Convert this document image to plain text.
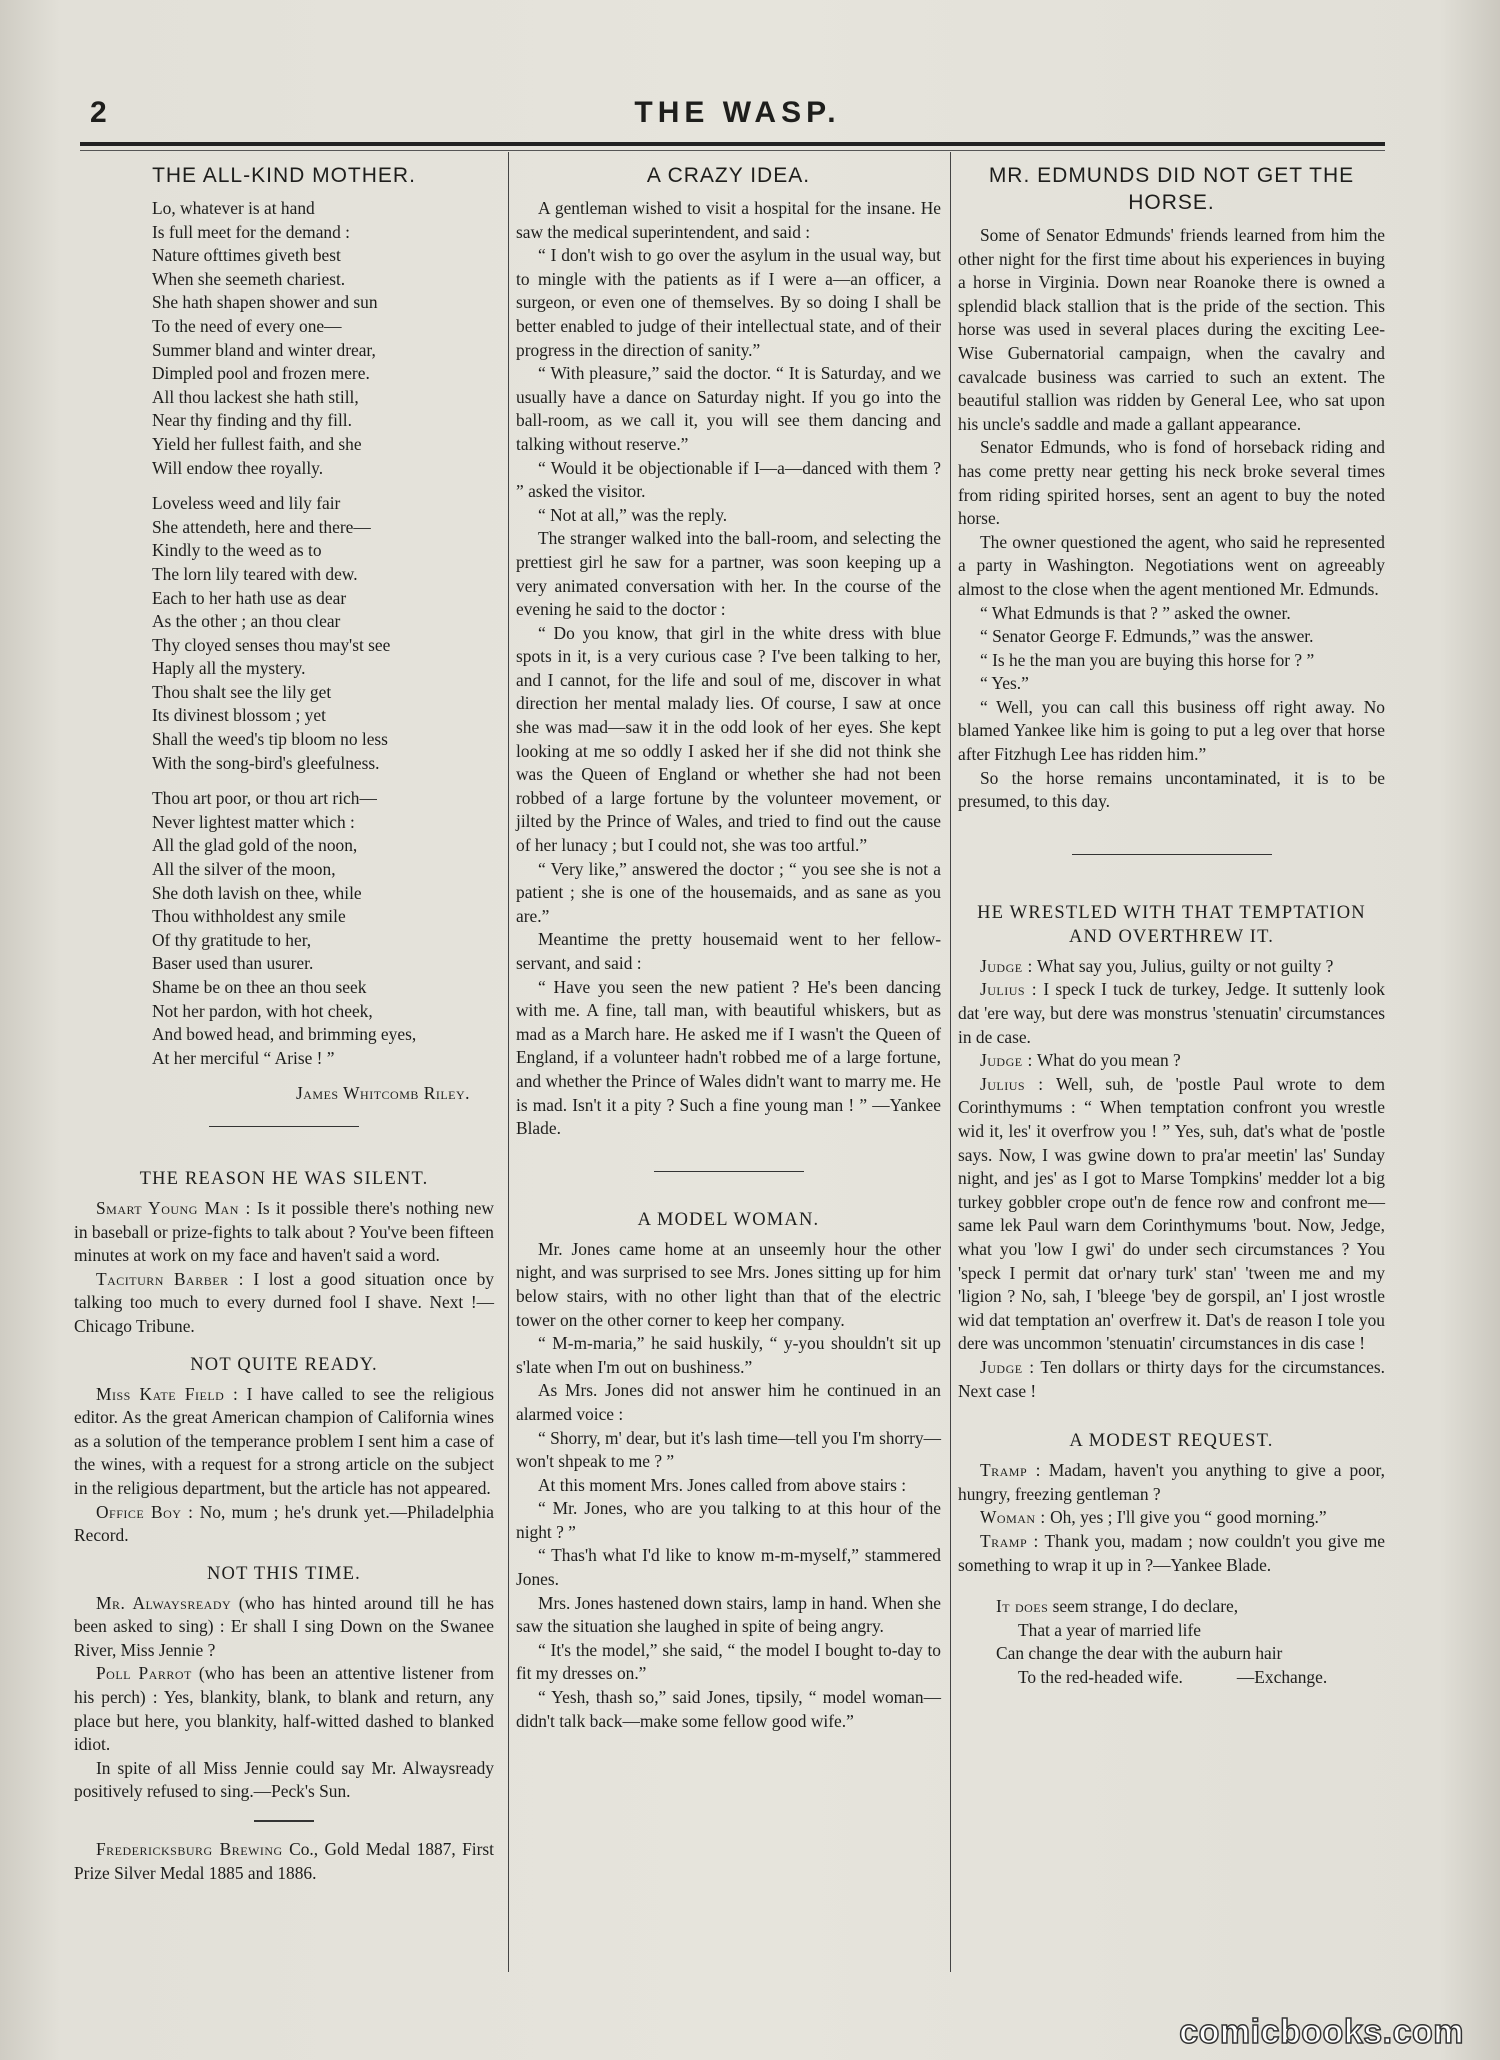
2	THE WASP.
THE ALL-KIND MOTHER.
Lo, whatever is at hand
Is full meet for the demand :
Nature ofttimes giveth best
When she seemeth chariest.
She hath shapen shower and sun
To the need of every one—
Summer bland and winter drear,
Dimpled pool and frozen mere.
All thou lackest she hath still,
Near thy finding and thy fill.
Yield her fullest faith, and she
Will endow thee royally.
Loveless weed and lily fair
She attendeth, here and there—
Kindly to the weed as to
The lorn lily teared with dew.
Each to her hath use as dear
As the other ; an thou clear
Thy cloyed senses thou may'st see
Haply all the mystery.
Thou shalt see the lily get
Its divinest blossom ; yet
Shall the weed's tip bloom no less
With the song-bird's gleefulness.
Thou art poor, or thou art rich—
Never lightest matter which :
All the glad gold of the noon,
All the silver of the moon,
She doth lavish on thee, while
Thou withholdest any smile
Of thy gratitude to her,
Baser used than usurer.
Shame be on thee an thou seek
Not her pardon, with hot cheek,
And bowed head, and brimming eyes,
At her merciful “ Arise ! ”
James Whitcomb Riley.
THE REASON HE WAS SILENT.

Smart Young Man : Is it possible there's nothing new in baseball or prize-fights to talk about ? You've been fifteen minutes at work on my face and haven't said a word.

Taciturn Barber : I lost a good situation once by talking too much to every durned fool I shave. Next !—Chicago Tribune.

NOT QUITE READY.

Miss Kate Field : I have called to see the religious editor. As the great American champion of California wines as a solution of the temperance problem I sent him a case of the wines, with a request for a strong article on the subject in the religious department, but the article has not appeared.

Office Boy : No, mum ; he's drunk yet.—Philadelphia Record.

NOT THIS TIME.

Mr. Alwaysready (who has hinted around till he has been asked to sing) : Er shall I sing Down on the Swanee River, Miss Jennie ?

Poll Parrot (who has been an attentive listener from his perch) : Yes, blankity, blank, to blank and return, any place but here, you blankity, half-witted dashed to blanked idiot.

In spite of all Miss Jennie could say Mr. Alwaysready positively refused to sing.—Peck's Sun.

Fredericksburg Brewing Co., Gold Medal 1887, First Prize Silver Medal 1885 and 1886.

A CRAZY IDEA.

A gentleman wished to visit a hospital for the insane. He saw the medical superintendent, and said :

“ I don't wish to go over the asylum in the usual way, but to mingle with the patients as if I were a—an officer, a surgeon, or even one of themselves. By so doing I shall be better enabled to judge of their intellectual state, and of their progress in the direction of sanity.”

“ With pleasure,” said the doctor. “ It is Saturday, and we usually have a dance on Saturday night. If you go into the ball-room, as we call it, you will see them dancing and talking without reserve.”

“ Would it be objectionable if I—a—danced with them ? ” asked the visitor.

“ Not at all,” was the reply.

The stranger walked into the ball-room, and selecting the prettiest girl he saw for a partner, was soon keeping up a very animated conversation with her. In the course of the evening he said to the doctor :

“ Do you know, that girl in the white dress with blue spots in it, is a very curious case ? I've been talking to her, and I cannot, for the life and soul of me, discover in what direction her mental malady lies. Of course, I saw at once she was mad—saw it in the odd look of her eyes. She kept looking at me so oddly I asked her if she did not think she was the Queen of England or whether she had not been robbed of a large fortune by the volunteer movement, or jilted by the Prince of Wales, and tried to find out the cause of her lunacy ; but I could not, she was too artful.”

“ Very like,” answered the doctor ; “ you see she is not a patient ; she is one of the housemaids, and as sane as you are.”

Meantime the pretty housemaid went to her fellow-servant, and said :

“ Have you seen the new patient ? He's been dancing with me. A fine, tall man, with beautiful whiskers, but as mad as a March hare. He asked me if I wasn't the Queen of England, if a volunteer hadn't robbed me of a large fortune, and whether the Prince of Wales didn't want to marry me. He is mad. Isn't it a pity ? Such a fine young man ! ” —Yankee Blade.

A MODEL WOMAN.

Mr. Jones came home at an unseemly hour the other night, and was surprised to see Mrs. Jones sitting up for him below stairs, with no other light than that of the electric tower on the other corner to keep her company.

“ M-m-maria,” he said huskily, “ y-you shouldn't sit up s'late when I'm out on bushiness.”

As Mrs. Jones did not answer him he continued in an alarmed voice :

“ Shorry, m' dear, but it's lash time—tell you I'm shorry—won't shpeak to me ? ”

At this moment Mrs. Jones called from above stairs :

“ Mr. Jones, who are you talking to at this hour of the night ? ”

“ Thas'h what I'd like to know m-m-myself,” stammered Jones.

Mrs. Jones hastened down stairs, lamp in hand. When she saw the situation she laughed in spite of being angry.

“ It's the model,” she said, “ the model I bought to-day to fit my dresses on.”

“ Yesh, thash so,” said Jones, tipsily, “ model woman—didn't talk back—make some fellow good wife.”

MR. EDMUNDS DID NOT GET THE HORSE.

Some of Senator Edmunds' friends learned from him the other night for the first time about his experiences in buying a horse in Virginia. Down near Roanoke there is owned a splendid black stallion that is the pride of the section. This horse was used in several places during the exciting Lee-Wise Gubernatorial campaign, when the cavalry and cavalcade business was carried to such an extent. The beautiful stallion was ridden by General Lee, who sat upon his uncle's saddle and made a gallant appearance.

Senator Edmunds, who is fond of horseback riding and has come pretty near getting his neck broke several times from riding spirited horses, sent an agent to buy the noted horse.

The owner questioned the agent, who said he represented a party in Washington. Negotiations went on agreeably almost to the close when the agent mentioned Mr. Edmunds.

“ What Edmunds is that ? ” asked the owner.

“ Senator George F. Edmunds,” was the answer.

“ Is he the man you are buying this horse for ? ”

“ Yes.”

“ Well, you can call this business off right away. No blamed Yankee like him is going to put a leg over that horse after Fitzhugh Lee has ridden him.”

So the horse remains uncontaminated, it is to be presumed, to this day.

HE WRESTLED WITH THAT TEMPTATION AND OVERTHREW IT.

Judge : What say you, Julius, guilty or not guilty ?

Julius : I speck I tuck de turkey, Jedge. It suttenly look dat 'ere way, but dere was monstrus 'stenuatin' circumstances in de case.

Judge : What do you mean ?

Julius : Well, suh, de 'postle Paul wrote to dem Corinthymums : “ When temptation confront you wrestle wid it, les' it overfrow you ! ” Yes, suh, dat's what de 'postle says. Now, I was gwine down to pra'ar meetin' las' Sunday night, and jes' as I got to Marse Tompkins' medder lot a big turkey gobbler crope out'n de fence row and confront me—same lek Paul warn dem Corinthymums 'bout. Now, Jedge, what you 'low I gwi' do under sech circumstances ? You 'speck I permit dat or'nary turk' stan' 'tween me and my 'ligion ? No, sah, I 'bleege 'bey de gorspil, an' I jost wrostle wid dat temptation an' overfrew it. Dat's de reason I tole you dere was uncommon 'stenuatin' circumstances in dis case !

Judge : Ten dollars or thirty days for the circumstances. Next case !

A MODEST REQUEST.

Tramp : Madam, haven't you anything to give a poor, hungry, freezing gentleman ?

Woman : Oh, yes ; I'll give you “ good morning.”

Tramp : Thank you, madam ; now couldn't you give me something to wrap it up in ?—Yankee Blade.

It does seem strange, I do declare,
That a year of married life
Can change the dear with the auburn hair
To the red-headed wife.	—Exchange.
comicbooks.com
